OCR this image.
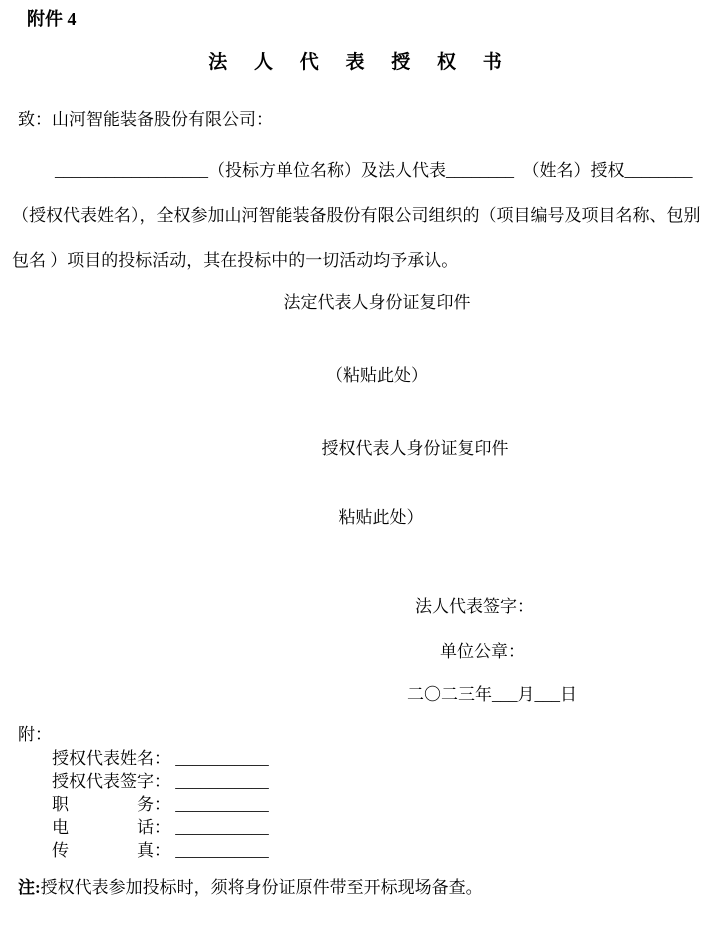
附件 4
法 人 代 表 授 权 书
致：山河智能装备股份有限公司：
__________________（投标方单位名称）及法人代表________　（姓名）授权________
（授权代表姓名），全权参加山河智能装备股份有限公司组织的（项目编号及项目名称、包别
包名 ）项目的投标活动，其在投标中的一切活动均予承认。
法定代表人身份证复印件
（粘贴此处）
授权代表人身份证复印件
粘贴此处）
法人代表签字：
单位公章：
二〇二三年___月___日
附：
授权代表姓名： ___________
授权代表签字： ___________
职　　　　务： ___________
电　　　　话： ___________
传　　　　真： ___________
注:授权代表参加投标时，须将身份证原件带至开标现场备查。
